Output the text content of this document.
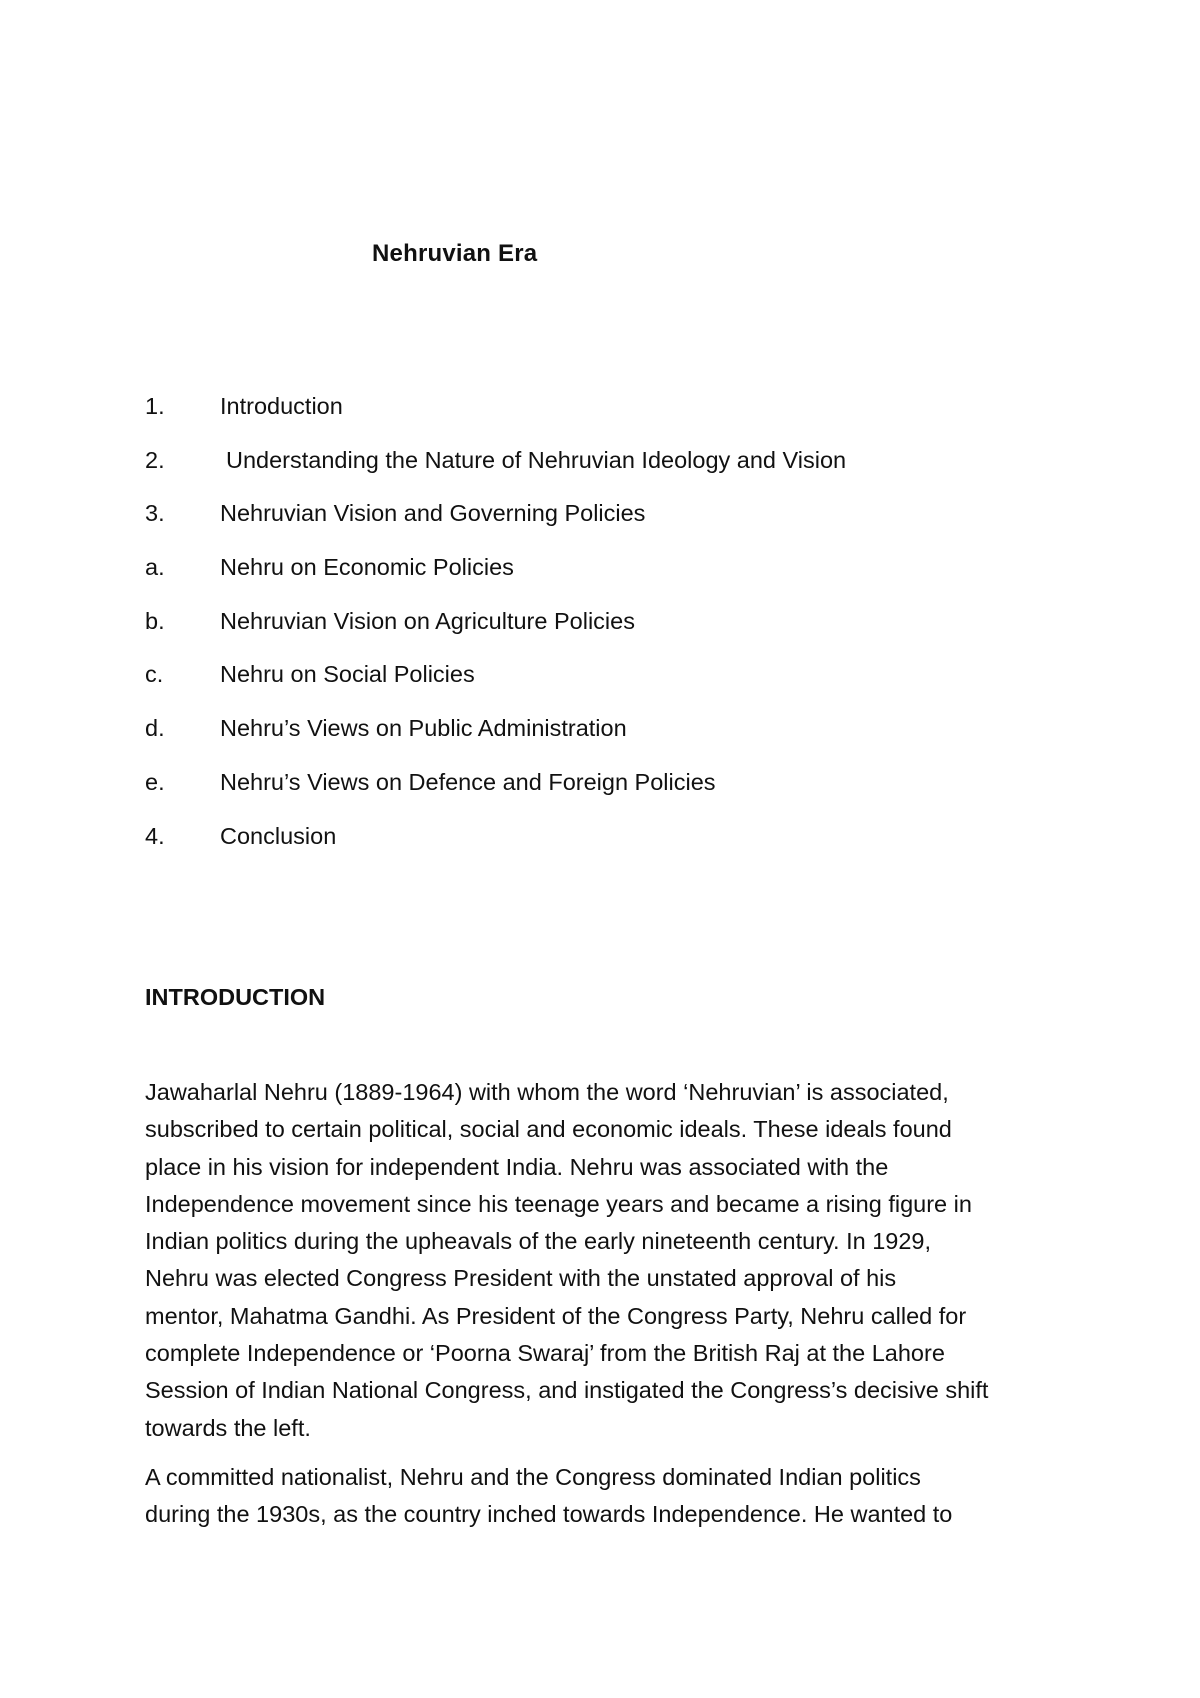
Nehruvian Era
1.	Introduction
2.	Understanding the Nature of Nehruvian Ideology and Vision
3.	Nehruvian Vision and Governing Policies
a.	Nehru on Economic Policies
b.	Nehruvian Vision on Agriculture Policies
c.	Nehru on Social Policies
d.	Nehru’s Views on Public Administration
e.	Nehru’s Views on Defence and Foreign Policies
4.	Conclusion
INTRODUCTION

Jawaharlal Nehru (1889-1964) with whom the word ‘Nehruvian’ is associated,
subscribed to certain political, social and economic ideals. These ideals found
place in his vision for independent India. Nehru was associated with the
Independence movement since his teenage years and became a rising figure in
Indian politics during the upheavals of the early nineteenth century. In 1929,
Nehru was elected Congress President with the unstated approval of his
mentor, Mahatma Gandhi. As President of the Congress Party, Nehru called for
complete Independence or ‘Poorna Swaraj’ from the British Raj at the Lahore
Session of Indian National Congress, and instigated the Congress’s decisive shift
towards the left.

A committed nationalist, Nehru and the Congress dominated Indian politics
during the 1930s, as the country inched towards Independence. He wanted to
